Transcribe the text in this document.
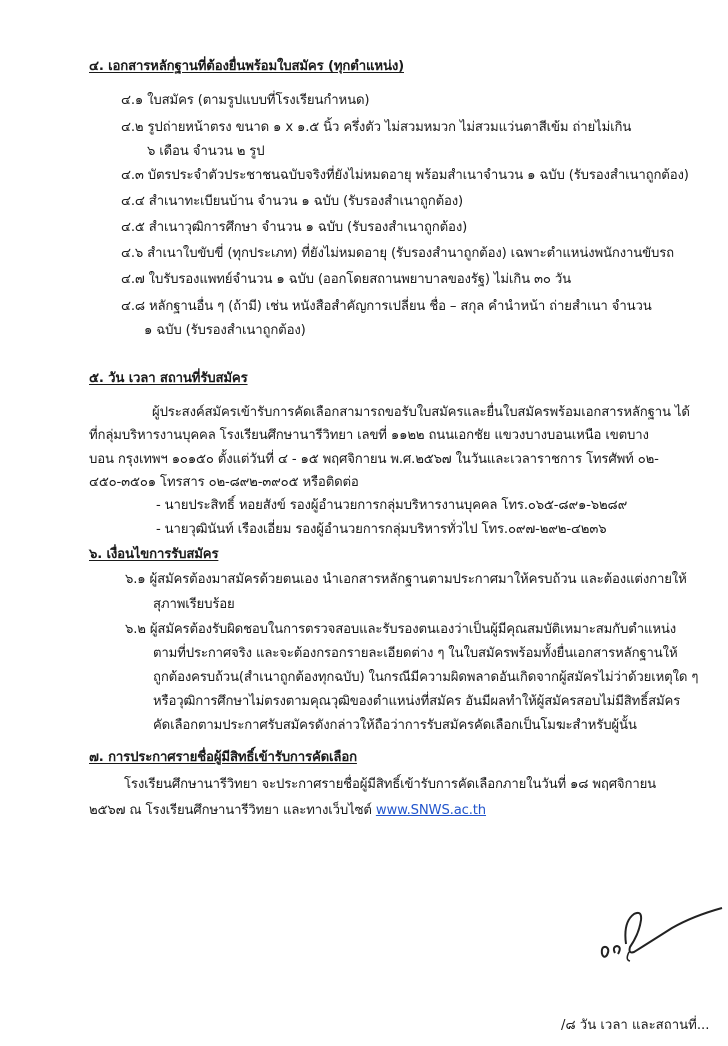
๔. เอกสารหลักฐานที่ต้องยื่นพร้อมใบสมัคร (ทุกตำแหน่ง)
๔.๑ ใบสมัคร (ตามรูปแบบที่โรงเรียนกำหนด)
๔.๒ รูปถ่ายหน้าตรง ขนาด ๑ x ๑.๕ นิ้ว ครึ่งตัว ไม่สวมหมวก ไม่สวมแว่นตาสีเข้ม ถ่ายไม่เกิน
๖ เดือน จำนวน ๒ รูป
๔.๓ บัตรประจำตัวประชาชนฉบับจริงที่ยังไม่หมดอายุ พร้อมสำเนาจำนวน ๑ ฉบับ (รับรองสำเนาถูกต้อง)
๔.๔ สำเนาทะเบียนบ้าน จำนวน ๑ ฉบับ (รับรองสำเนาถูกต้อง)
๔.๕ สำเนาวุฒิการศึกษา จำนวน ๑ ฉบับ (รับรองสำเนาถูกต้อง)
๔.๖ สำเนาใบขับขี่ (ทุกประเภท) ที่ยังไม่หมดอายุ (รับรองสำนาถูกต้อง) เฉพาะตำแหน่งพนักงานขับรถ
๔.๗ ใบรับรองแพทย์จำนวน ๑ ฉบับ (ออกโดยสถานพยาบาลของรัฐ) ไม่เกิน ๓๐ วัน
๔.๘ หลักฐานอื่น ๆ (ถ้ามี) เช่น หนังสือสำคัญการเปลี่ยน ชื่อ – สกุล คำนำหน้า ถ่ายสำเนา จำนวน
๑ ฉบับ (รับรองสำเนาถูกต้อง)
๕. วัน เวลา สถานที่รับสมัคร
ผู้ประสงค์สมัครเข้ารับการคัดเลือกสามารถขอรับใบสมัครและยื่นใบสมัครพร้อมเอกสารหลักฐาน ได้
ที่กลุ่มบริหารงานบุคคล โรงเรียนศึกษานารีวิทยา เลขที่ ๑๑๒๒ ถนนเอกชัย แขวงบางบอนเหนือ เขตบาง
บอน กรุงเทพฯ ๑๐๑๕๐ ตั้งแต่วันที่ ๔ - ๑๕ พฤศจิกายน พ.ศ.๒๕๖๗ ในวันและเวลาราชการ โทรศัพท์ ๐๒-
๔๕๐-๓๕๐๑ โทรสาร ๐๒-๘๙๒-๓๙๐๕ หรือติดต่อ
- นายประสิทธิ์ หอยสังข์ รองผู้อำนวยการกลุ่มบริหารงานบุคคล โทร.๐๖๕-๘๙๑-๖๒๘๙
- นายวุฒินันท์ เรืองเอี่ยม รองผู้อำนวยการกลุ่มบริหารทั่วไป โทร.๐๙๗-๒๙๒-๔๒๓๖
๖. เงื่อนไขการรับสมัคร
๖.๑ ผู้สมัครต้องมาสมัครด้วยตนเอง นำเอกสารหลักฐานตามประกาศมาให้ครบถ้วน และต้องแต่งกายให้
สุภาพเรียบร้อย
๖.๒ ผู้สมัครต้องรับผิดชอบในการตรวจสอบและรับรองตนเองว่าเป็นผู้มีคุณสมบัติเหมาะสมกับตำแหน่ง
ตามที่ประกาศจริง และจะต้องกรอกรายละเอียดต่าง ๆ ในใบสมัครพร้อมทั้งยื่นเอกสารหลักฐานให้
ถูกต้องครบถ้วน(สำเนาถูกต้องทุกฉบับ) ในกรณีมีความผิดพลาดอันเกิดจากผู้สมัครไม่ว่าด้วยเหตุใด ๆ
หรือวุฒิการศึกษาไม่ตรงตามคุณวุฒิของตำแหน่งที่สมัคร อันมีผลทำให้ผู้สมัครสอบไม่มีสิทธิ์สมัคร
คัดเลือกตามประกาศรับสมัครดังกล่าวให้ถือว่าการรับสมัครคัดเลือกเป็นโมฆะสำหรับผู้นั้น
๗. การประกาศรายชื่อผู้มีสิทธิ์เข้ารับการคัดเลือก
โรงเรียนศึกษานารีวิทยา จะประกาศรายชื่อผู้มีสิทธิ์เข้ารับการคัดเลือกภายในวันที่ ๑๘ พฤศจิกายน
๒๕๖๗ ณ โรงเรียนศึกษานารีวิทยา และทางเว็บไซต์ www.SNWS.ac.th
/๘ วัน เวลา และสถานที่...
